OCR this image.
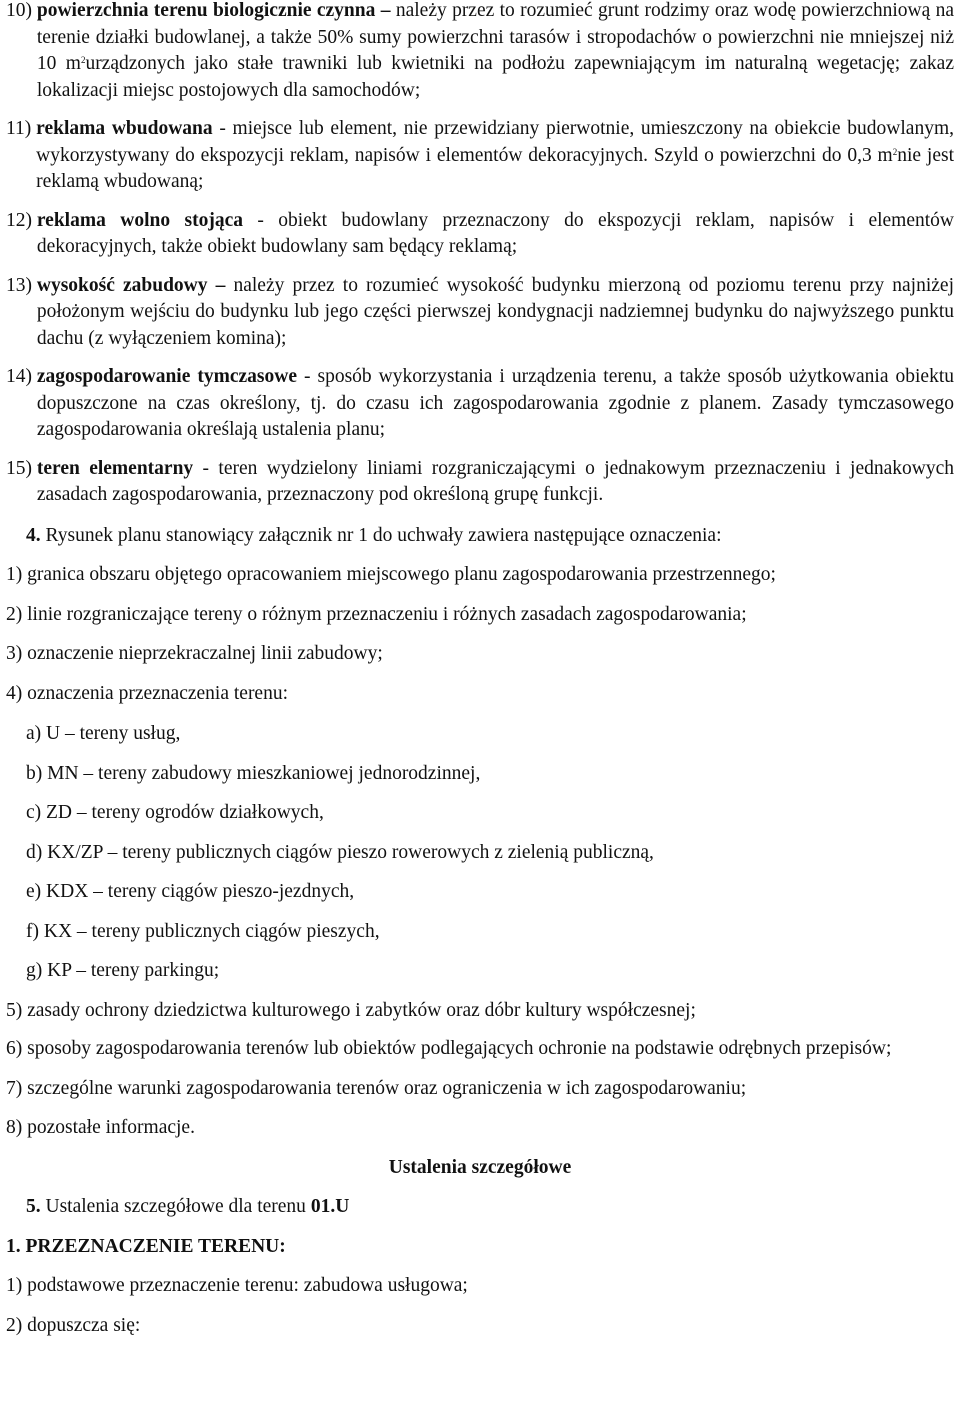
10) powierzchnia terenu biologicznie czynna – należy przez to rozumieć grunt rodzimy oraz wodę powierzchniową na terenie działki budowlanej, a także 50% sumy powierzchni tarasów i stropodachów o powierzchni nie mniejszej niż 10 $m^2urządzonych$ jako stałe trawniki lub kwietniki na podłożu zapewniającym im naturalną wegetację; zakaz lokalizacji miejsc postojowych dla samochodów;
11) reklama wbudowana - miejsce lub element, nie przewidziany pierwotnie, umieszczony na obiekcie budowlanym, wykorzystywany do ekspozycji reklam, napisów i elementów dekoracyjnych. Szyld o powierzchni do 0,3 $m^2nie$ jest reklamą wbudowaną;
12) reklama wolno stojąca - obiekt budowlany przeznaczony do ekspozycji reklam, napisów i elementów dekoracyjnych, także obiekt budowlany sam będący reklamą;
13) wysokość zabudowy – należy przez to rozumieć wysokość budynku mierzoną od poziomu terenu przy najniżej położonym wejściu do budynku lub jego części pierwszej kondygnacji nadziemnej budynku do najwyższego punktu dachu (z wyłączeniem komina);
14) zagospodarowanie tymczasowe - sposób wykorzystania i urządzenia terenu, a także sposób użytkowania obiektu dopuszczone na czas określony, tj. do czasu ich zagospodarowania zgodnie z planem. Zasady tymczasowego zagospodarowania określają ustalenia planu;
15) teren elementarny - teren wydzielony liniami rozgraniczającymi o jednakowym przeznaczeniu i jednakowych zasadach zagospodarowania, przeznaczony pod określoną grupę funkcji.

4. Rysunek planu stanowiący załącznik nr 1 do uchwały zawiera następujące oznaczenia:

1) granica obszaru objętego opracowaniem miejscowego planu zagospodarowania przestrzennego;

2) linie rozgraniczające tereny o różnym przeznaczeniu i różnych zasadach zagospodarowania;

3) oznaczenie nieprzekraczalnej linii zabudowy;

4) oznaczenia przeznaczenia terenu:

a) U – tereny usług,

b) MN – tereny zabudowy mieszkaniowej jednorodzinnej,

c) ZD – tereny ogrodów działkowych,

d) KX/ZP – tereny publicznych ciągów pieszo rowerowych z zielenią publiczną,

e) KDX – tereny ciągów pieszo-jezdnych,

f) KX – tereny publicznych ciągów pieszych,

g) KP – tereny parkingu;

5) zasady ochrony dziedzictwa kulturowego i zabytków oraz dóbr kultury współczesnej;

6) sposoby zagospodarowania terenów lub obiektów podlegających ochronie na podstawie odrębnych przepisów;

7) szczególne warunki zagospodarowania terenów oraz ograniczenia w ich zagospodarowaniu;

8) pozostałe informacje.

Ustalenia szczegółowe

5. Ustalenia szczegółowe dla terenu 01.U

1. PRZEZNACZENIE TERENU:

1) podstawowe przeznaczenie terenu: zabudowa usługowa;

2) dopuszcza się:
